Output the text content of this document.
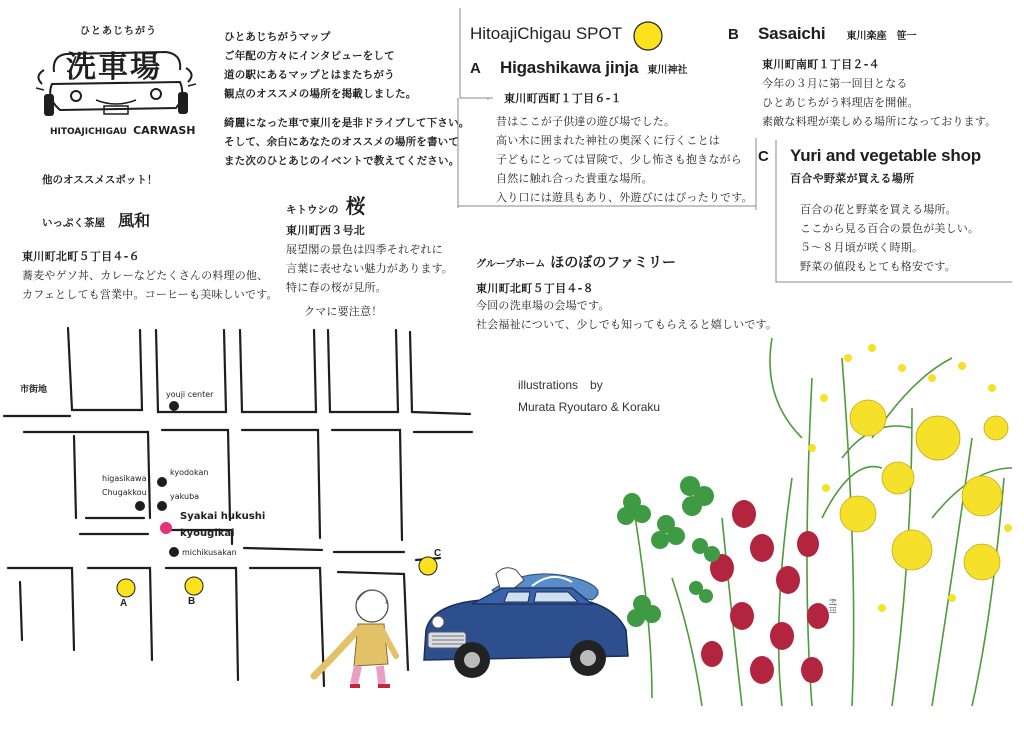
ひとあじちがう
洗車場
HITOAJICHIGAU CARWASH
ひとあじちがうマップ
ご年配の方々にインタビューをして
道の駅にあるマップとはまたちがう
観点のオススメの場所を掲載しました。
綺麗になった車で東川を是非ドライブして下さい。
そして、余白にあなたのオススメの場所を書いて
また次のひとあじのイベントで教えてください。
他のオススメスポット！
いっぷく茶屋 風和
東川町北町５丁目４-６
蕎麦やゲソ丼、カレーなどたくさんの料理の他、
カフェとしても営業中。コーヒーも美味しいです。
キトウシの 桜
東川町西３号北
展望閣の景色は四季それぞれに
言葉に表せない魅力があります。
特に春の桜が見所。
クマに要注意！
グループホーム ほのぼのファミリー
東川町北町５丁目４-８
今回の洗車場の会場です。
社会福祉について、少しでも知ってもらえると嬉しいです。
HitoajiChigau SPOT
A Higashikawa jinja 東川神社
東川町西町１丁目６-１
昔はここが子供達の遊び場でした。
高い木に囲まれた神社の奥深くに行くことは
子どもにとっては冒険で、少し怖さも抱きながら
自然に触れ合った貴重な場所。
入り口には遊具もあり、外遊びにはぴったりです。
B Sasaichi 東川楽座　笹一
東川町南町１丁目２-４
今年の３月に第一回目となる
ひとあじちがう料理店を開催。
素敵な料理が楽しめる場所になっております。
C Yuri and vegetable shop
百合や野菜が買える場所
百合の花と野菜を買える場所。
ここから見る百合の景色が美しい。
５～８月頃が咲く時期。
野菜の値段もとても格安です。
illustrations　by
Murata Ryoutaro & Koraku
市街地	youji center
kyodokan
higasikawa
Chugakkou	yakuba
Syakai hukushi
kyougikai
michikusakan
A	B
C
村田
